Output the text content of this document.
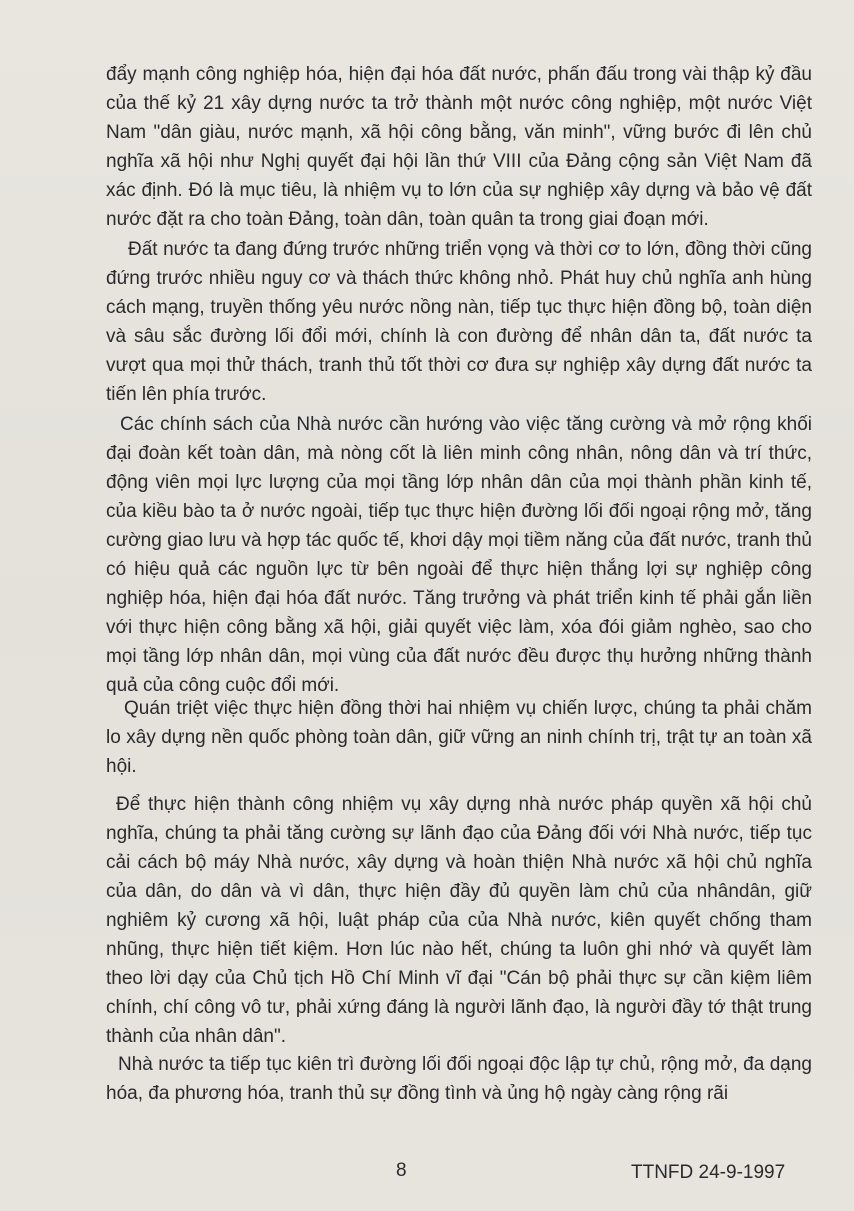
đẩy mạnh công nghiệp hóa, hiện đại hóa đất nước, phấn đấu trong vài thập kỷ đầu của thế kỷ 21 xây dựng nước ta trở thành một nước công nghiệp, một nước Việt Nam "dân giàu, nước mạnh, xã hội công bằng, văn minh", vững bước đi lên chủ nghĩa xã hội như Nghị quyết đại hội lần thứ VIII của Đảng cộng sản Việt Nam đã xác định. Đó là mục tiêu, là nhiệm vụ to lớn của sự nghiệp xây dựng và bảo vệ đất nước đặt ra cho toàn Đảng, toàn dân, toàn quân ta trong giai đoạn mới.

Đất nước ta đang đứng trước những triển vọng và thời cơ to lớn, đồng thời cũng đứng trước nhiều nguy cơ và thách thức không nhỏ. Phát huy chủ nghĩa anh hùng cách mạng, truyền thống yêu nước nồng nàn, tiếp tục thực hiện đồng bộ, toàn diện và sâu sắc đường lối đổi mới, chính là con đường để nhân dân ta, đất nước ta vượt qua mọi thử thách, tranh thủ tốt thời cơ đưa sự nghiệp xây dựng đất nước ta tiến lên phía trước.

Các chính sách của Nhà nước cần hướng vào việc tăng cường và mở rộng khối đại đoàn kết toàn dân, mà nòng cốt là liên minh công nhân, nông dân và trí thức, động viên mọi lực lượng của mọi tầng lớp nhân dân của mọi thành phần kinh tế, của kiều bào ta ở nước ngoài, tiếp tục thực hiện đường lối đối ngoại rộng mở, tăng cường giao lưu và hợp tác quốc tế, khơi dậy mọi tiềm năng của đất nước, tranh thủ có hiệu quả các nguồn lực từ bên ngoài để thực hiện thắng lợi sự nghiệp công nghiệp hóa, hiện đại hóa đất nước. Tăng trưởng và phát triển kinh tế phải gắn liền với thực hiện công bằng xã hội, giải quyết việc làm, xóa đói giảm nghèo, sao cho mọi tầng lớp nhân dân, mọi vùng của đất nước đều được thụ hưởng những thành quả của công cuộc đổi mới.

Quán triệt việc thực hiện đồng thời hai nhiệm vụ chiến lược, chúng ta phải chăm lo xây dựng nền quốc phòng toàn dân, giữ vững an ninh chính trị, trật tự an toàn xã hội.

Để thực hiện thành công nhiệm vụ xây dựng nhà nước pháp quyền xã hội chủ nghĩa, chúng ta phải tăng cường sự lãnh đạo của Đảng đối với Nhà nước, tiếp tục cải cách bộ máy Nhà nước, xây dựng và hoàn thiện Nhà nước xã hội chủ nghĩa của dân, do dân và vì dân, thực hiện đầy đủ quyền làm chủ của nhândân, giữ nghiêm kỷ cương xã hội, luật pháp của của Nhà nước, kiên quyết chống tham nhũng, thực hiện tiết kiệm. Hơn lúc nào hết, chúng ta luôn ghi nhớ và quyết làm theo lời dạy của Chủ tịch Hồ Chí Minh vĩ đại "Cán bộ phải thực sự cần kiệm liêm chính, chí công vô tư, phải xứng đáng là người lãnh đạo, là người đầy tớ thật trung thành của nhân dân".

Nhà nước ta tiếp tục kiên trì đường lối đối ngoại độc lập tự chủ, rộng mở, đa dạng hóa, đa phương hóa, tranh thủ sự đồng tình và ủng hộ ngày càng rộng rãi

8	TTNFD 24-9-1997
